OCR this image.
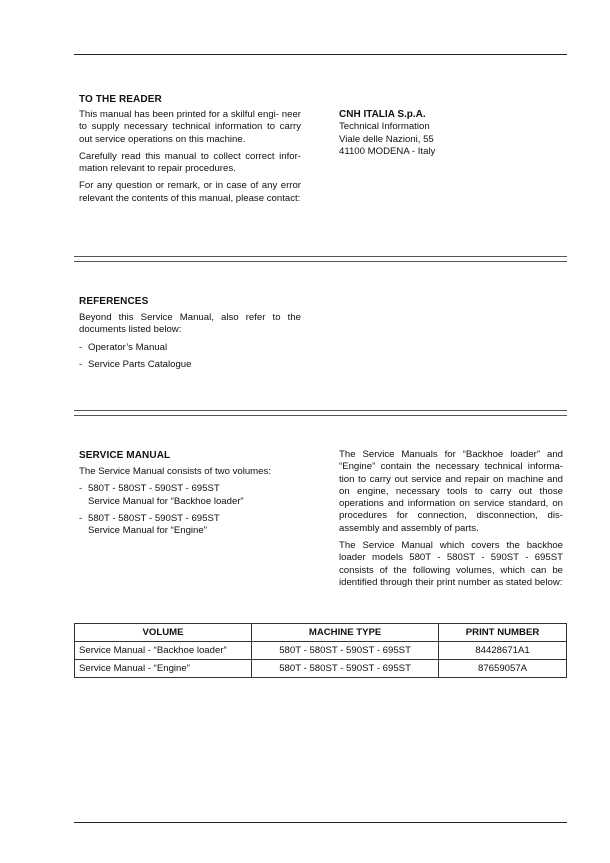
TO THE READER

This manual has been printed for a skilful engi- neer to supply necessary technical information to carry out service operations on this machine.

Carefully read this manual to collect correct infor- mation relevant to repair procedures.

For any question or remark, or in case of any error relevant the contents of this manual, please contact:

CNH ITALIA S.p.A.
Technical Information
Viale delle Nazioni, 55
41100 MODENA - Italy
REFERENCES

Beyond this Service Manual, also refer to the documents listed below:

- Operator’s Manual
- Service Parts Catalogue
SERVICE MANUAL

The Service Manual consists of two volumes:

- 580T - 580ST - 590ST - 695ST
Service Manual for “Backhoe loader”
- 580T - 580ST - 590ST - 695ST
Service Manual for “Engine”

The Service Manuals for “Backhoe loader” and “Engine” contain the necessary technical informa- tion to carry out service and repair on machine and on engine, necessary tools to carry out those operations and information on service standard, on procedures for connection, disconnection, dis- assembly and assembly of parts.

The Service Manual which covers the backhoe loader models 580T - 580ST - 590ST - 695ST consists of the following volumes, which can be identified through their print number as stated below:

VOLUME	MACHINE TYPE	PRINT NUMBER
Service Manual - “Backhoe loader”	580T - 580ST - 590ST - 695ST	84428671A1
Service Manual - “Engine”	580T - 580ST - 590ST - 695ST	87659057A
